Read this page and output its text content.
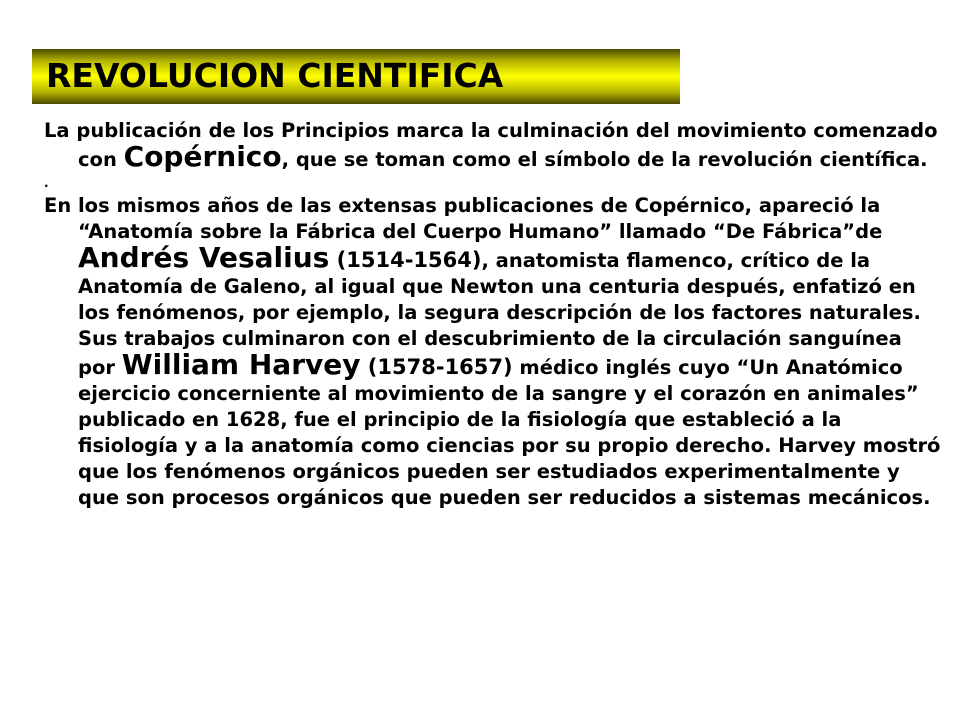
REVOLUCION CIENTIFICA

La publicación de los Principios marca la culminación del movimiento comenzado con Copérnico, que se toman como el símbolo de la revolución científica.

.

En los mismos años de las extensas publicaciones de Copérnico, apareció la “Anatomía sobre la Fábrica del Cuerpo Humano” llamado “De Fábrica”de Andrés Vesalius (1514-1564), anatomista flamenco, crítico de la Anatomía de Galeno, al igual que Newton una centuria después, enfatizó en los fenómenos, por ejemplo, la segura descripción de los factores naturales. Sus trabajos culminaron con el descubrimiento de la circulación sanguínea por William Harvey (1578-1657) médico inglés cuyo “Un Anatómico ejercicio concerniente al movimiento de la sangre y el corazón en animales” publicado en 1628, fue el principio de la fisiología que estableció a la fisiología y a la anatomía como ciencias por su propio derecho. Harvey mostró que los fenómenos orgánicos pueden ser estudiados experimentalmente y que son procesos orgánicos que pueden ser reducidos a sistemas mecánicos.
